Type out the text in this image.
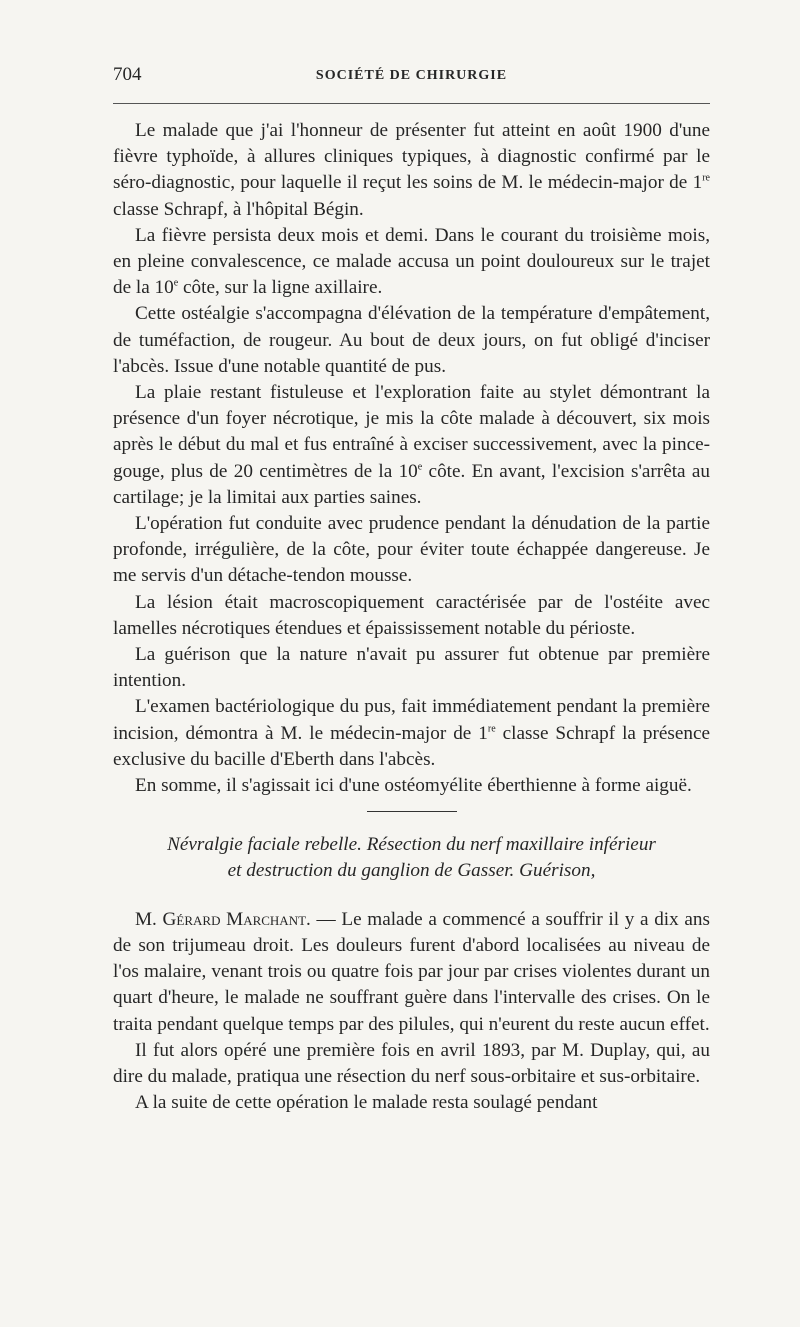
704	SOCIÉTÉ DE CHIRURGIE

Le malade que j'ai l'honneur de présenter fut atteint en août 1900 d'une fièvre typhoïde, à allures cliniques typiques, à diagnostic confirmé par le séro-diagnostic, pour laquelle il reçut les soins de M. le médecin-major de 1re classe Schrapf, à l'hôpital Bégin.

La fièvre persista deux mois et demi. Dans le courant du troisième mois, en pleine convalescence, ce malade accusa un point douloureux sur le trajet de la 10e côte, sur la ligne axillaire.

Cette ostéalgie s'accompagna d'élévation de la température d'empâtement, de tuméfaction, de rougeur. Au bout de deux jours, on fut obligé d'inciser l'abcès. Issue d'une notable quantité de pus.

La plaie restant fistuleuse et l'exploration faite au stylet démontrant la présence d'un foyer nécrotique, je mis la côte malade à découvert, six mois après le début du mal et fus entraîné à exciser successivement, avec la pince-gouge, plus de 20 centimètres de la 10e côte. En avant, l'excision s'arrêta au cartilage; je la limitai aux parties saines.

L'opération fut conduite avec prudence pendant la dénudation de la partie profonde, irrégulière, de la côte, pour éviter toute échappée dangereuse. Je me servis d'un détache-tendon mousse.

La lésion était macroscopiquement caractérisée par de l'ostéite avec lamelles nécrotiques étendues et épaississement notable du périoste.

La guérison que la nature n'avait pu assurer fut obtenue par première intention.

L'examen bactériologique du pus, fait immédiatement pendant la première incision, démontra à M. le médecin-major de 1re classe Schrapf la présence exclusive du bacille d'Eberth dans l'abcès.

En somme, il s'agissait ici d'une ostéomyélite éberthienne à forme aiguë.

Névralgie faciale rebelle. Résection du nerf maxillaire inférieur
et destruction du ganglion de Gasser. Guérison,

M. Gérard Marchant. — Le malade a commencé a souffrir il y a dix ans de son trijumeau droit. Les douleurs furent d'abord localisées au niveau de l'os malaire, venant trois ou quatre fois par jour par crises violentes durant un quart d'heure, le malade ne souffrant guère dans l'intervalle des crises. On le traita pendant quelque temps par des pilules, qui n'eurent du reste aucun effet.

Il fut alors opéré une première fois en avril 1893, par M. Duplay, qui, au dire du malade, pratiqua une résection du nerf sous-orbitaire et sus-orbitaire.

A la suite de cette opération le malade resta soulagé pendant
